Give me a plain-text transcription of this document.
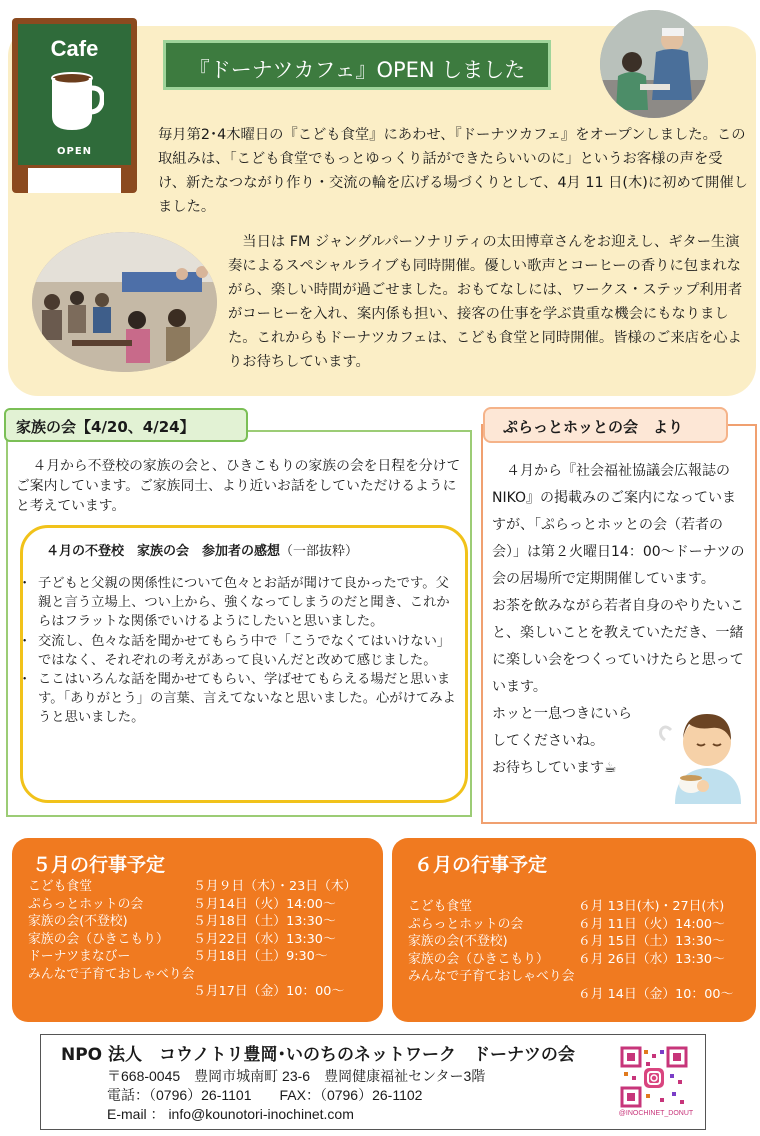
Cafe
OPEN
『ドーナツカフェ』OPEN しました

毎月第2･4木曜日の『こども食堂』にあわせ、『ドーナツカフェ』をオープンしました。この取組みは、「こども食堂でもっとゆっくり話ができたらいいのに」というお客様の声を受け、新たなつながり作り・交流の輪を広げる場づくりとして、4月 11 日(木)に初めて開催しました。

当日は FM ジャングルパーソナリティの太田博章さんをお迎えし、ギター生演奏によるスペシャルライブも同時開催。優しい歌声とコーヒーの香りに包まれながら、楽しい時間が過ごせました。おもてなしには、ワークス・ステップ利用者がコーヒーを入れ、案内係も担い、接客の仕事を学ぶ貴重な機会にもなりました。これからもドーナツカフェは、こども食堂と同時開催。皆様のご来店を心よりお待ちしています。

家族の会【4/20、4/24】

４月から不登校の家族の会と、ひきこもりの家族の会を日程を分けてご案内しています。ご家族同士、より近いお話をしていただけるようにと考えています。

４月の不登校　家族の会　参加者の感想（一部抜粋）
・ 子どもと父親の関係性について色々とお話が聞けて良かったです。父親と言う立場上、つい上から、強くなってしまうのだと聞き、これからはフラットな関係でいけるようにしたいと思いました。
・ 交流し、色々な話を聞かせてもらう中で「こうでなくてはいけない」ではなく、それぞれの考えがあって良いんだと改めて感じました。
・ ここはいろんな話を聞かせてもらい、学ばせてもらえる場だと思います。「ありがとう」の言葉、言えてないなと思いました。心がけてみようと思いました。
ぷらっとホッとの会　より
４月から『社会福祉協議会広報誌の NIKO』の掲載みのご案内になっていますが、「ぷらっとホッとの会（若者の会）」は第２火曜日14：00～ドーナツの会の居場所で定期開催しています。
お茶を飲みながら若者自身のやりたいこと、楽しいことを教えていただき、一緒に楽しい会をつくっていけたらと思っています。
ホッと一息つきにいらしてくださいね。
お待ちしています☕
５月の行事予定
こども食堂	５月９日（木）・23日（木）
ぷらっとホットの会	５月14日（火）14:00～
家族の会(不登校)	５月18日（土）13:30～
家族の会（ひきこもり） ５月22日（水）13:30～
ドーナツまなびー	５月18日（土）9:30～
みんなで子育ておしゃべり会
５月17日（金）10：00～
６月の行事予定
こども食堂	６月 13日(木)・27日(木)
ぷらっとホットの会	６月 11日（火）14:00～
家族の会(不登校)	６月 15日（土）13:30～
家族の会（ひきこもり） ６月 26日（水）13:30～
みんなで子育ておしゃべり会
６月 14日（金）10：00～
NPO 法人　コウノトリ豊岡･いのちのネットワーク　ドーナツの会
〒668-0045　豊岡市城南町 23-6　豊岡健康福祉センター3階
電話：（0796）26-1101　　FAX：（0796）26-1102
E-mail ： info@kounotori-inochinet.com	@INOCHINET_DONUT
